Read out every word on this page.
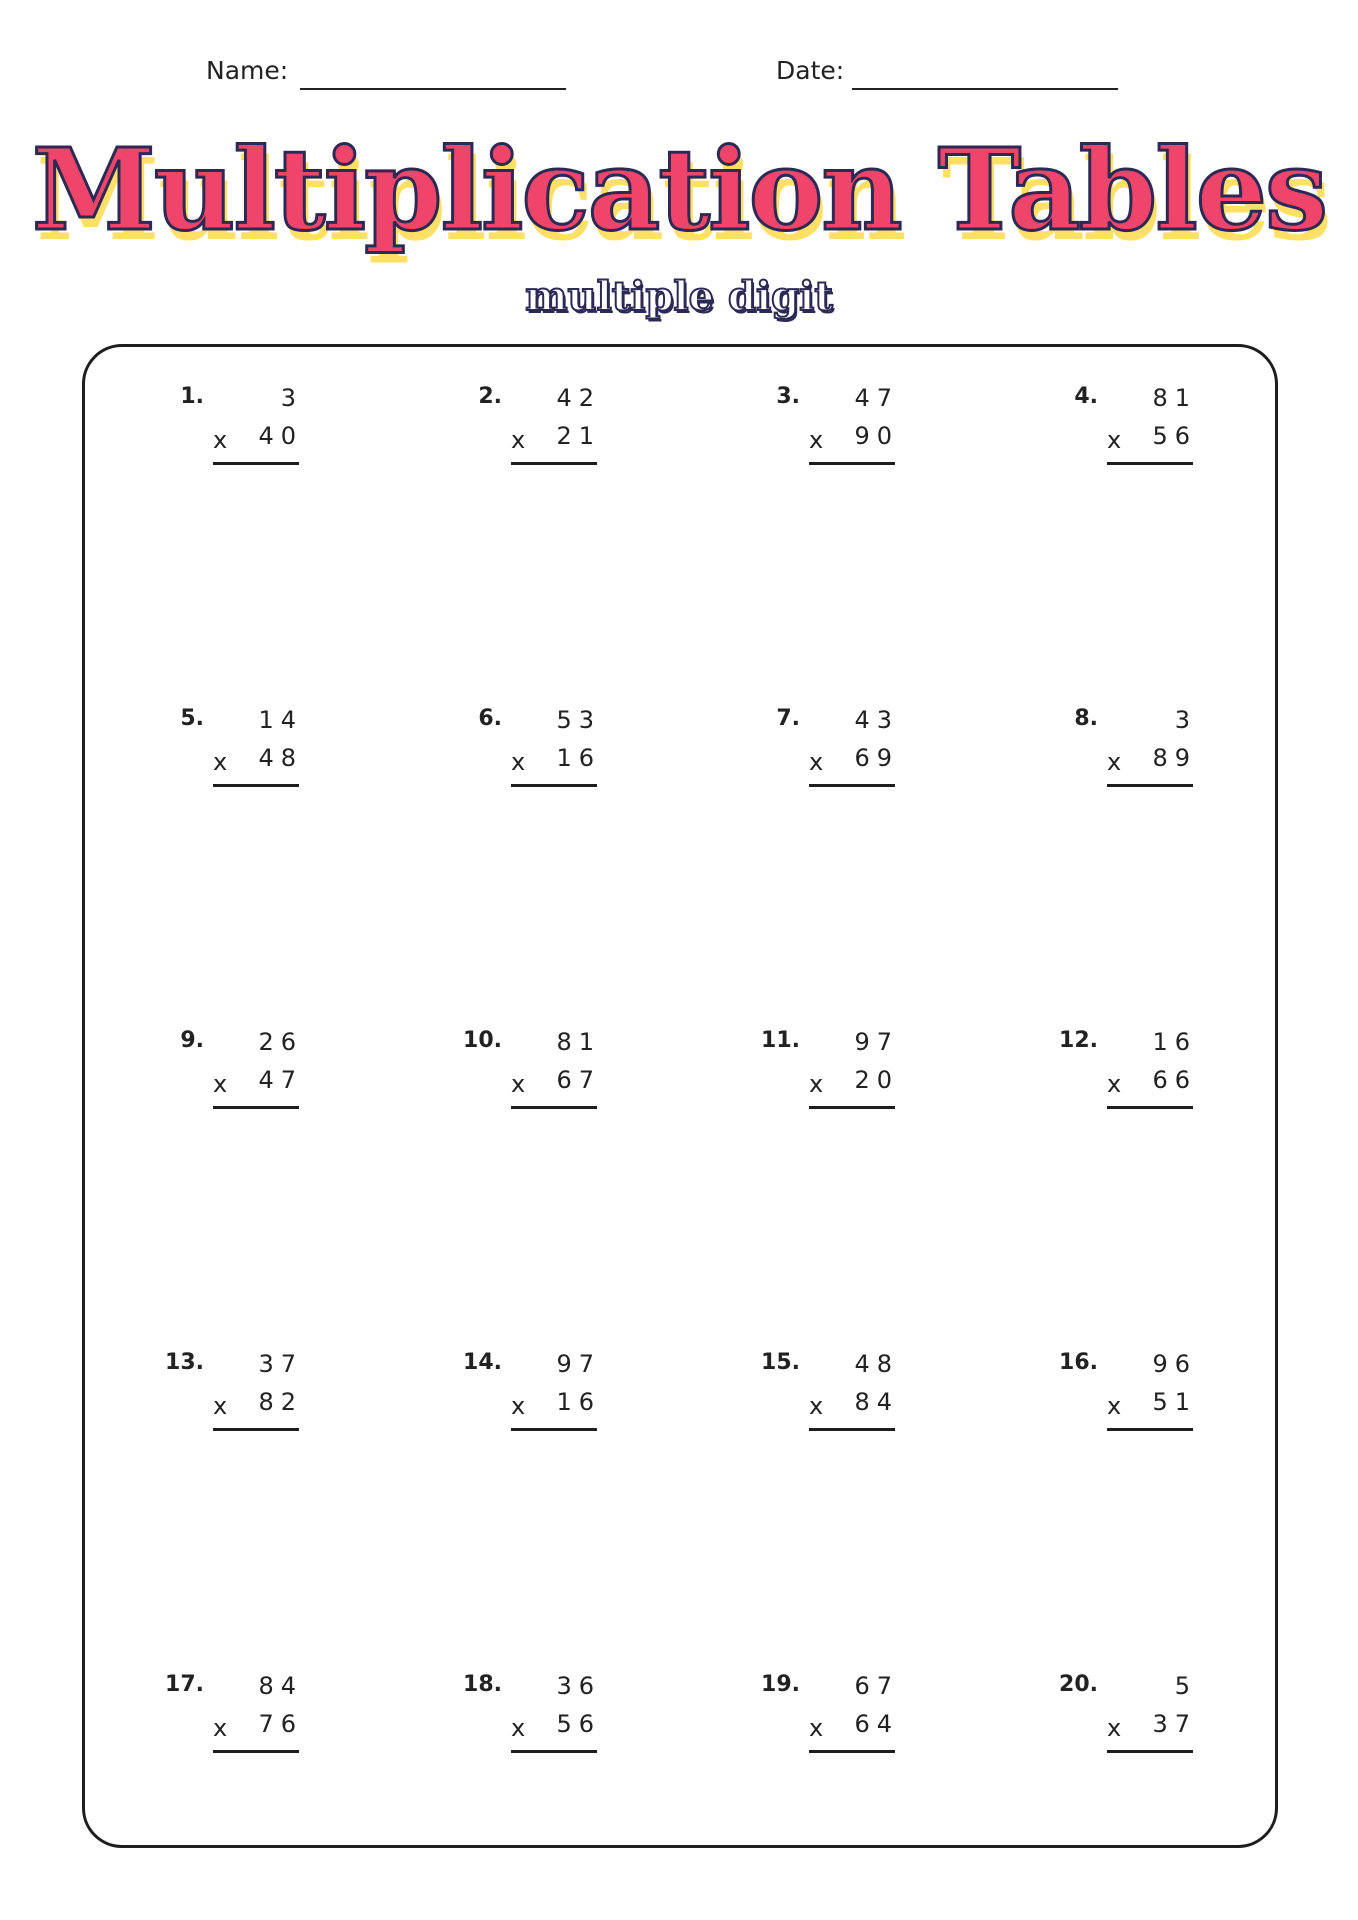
Name:	Date:
Multiplication Tables
multiple digit
1.	3
x 40
2. 42
x 21
3. 47
x 90
4. 81
x 56
5. 14
x 48
6. 53
x 16
7. 43
x 69
8.	3
x 89
9. 26
x 47
10. 81
x 67
11. 97
x 20
12. 16
x 66
13. 37
x 82
14. 97
x 16
15. 48
x 84
16. 96
x 51
17. 84
x 76
18. 36
x 56
19. 67
x 64
20.	5
x 37
